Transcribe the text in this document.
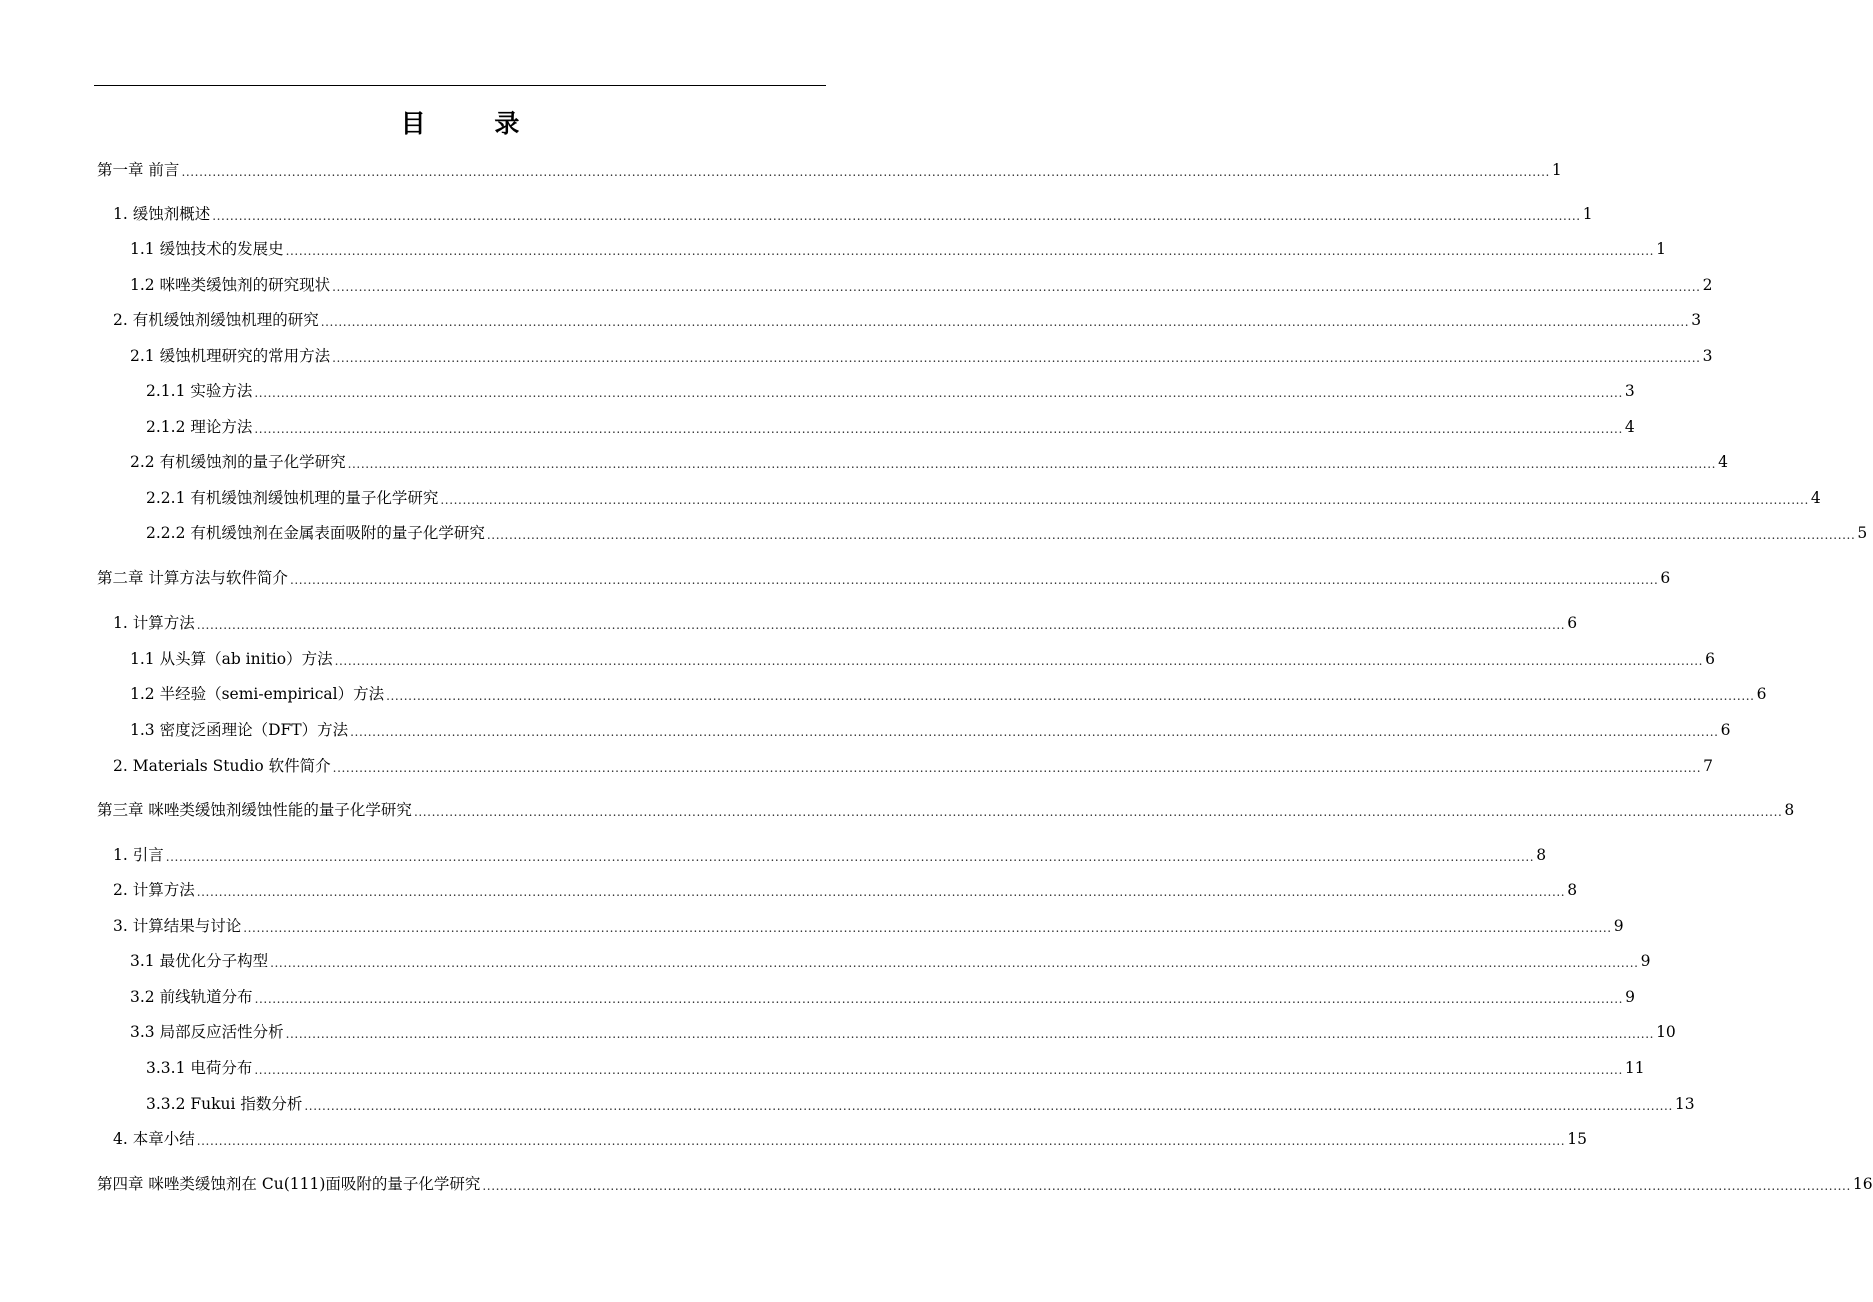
目 录
第一章 前言 .....	1
1. 缓蚀剂概述 .....	1
1.1 缓蚀技术的发展史 .....	1
1.2 咪唑类缓蚀剂的研究现状 .....	2
2. 有机缓蚀剂缓蚀机理的研究 .....	3
2.1 缓蚀机理研究的常用方法 .....	3
2.1.1 实验方法 .....	3
2.1.2 理论方法 .....	4
2.2 有机缓蚀剂的量子化学研究 .....	4
2.2.1 有机缓蚀剂缓蚀机理的量子化学研究 .....	4
2.2.2 有机缓蚀剂在金属表面吸附的量子化学研究 .....	5
第二章 计算方法与软件简介 .....	6
1. 计算方法 .....	6
1.1 从头算（ab initio）方法 .....	6
1.2 半经验（semi-empirical）方法 .....	6
1.3 密度泛函理论（DFT）方法 .....	6
2. Materials Studio 软件简介 .....	7
第三章 咪唑类缓蚀剂缓蚀性能的量子化学研究 .....	8
1. 引言 .....	8
2. 计算方法 .....	8
3. 计算结果与讨论 .....	9
3.1 最优化分子构型 .....	9
3.2 前线轨道分布 .....	9
3.3 局部反应活性分析 .....	10
3.3.1 电荷分布 .....	11
3.3.2 Fukui 指数分析 .....	13
4. 本章小结 .....	15
第四章 咪唑类缓蚀剂在 Cu(111)面吸附的量子化学研究 .....	16
